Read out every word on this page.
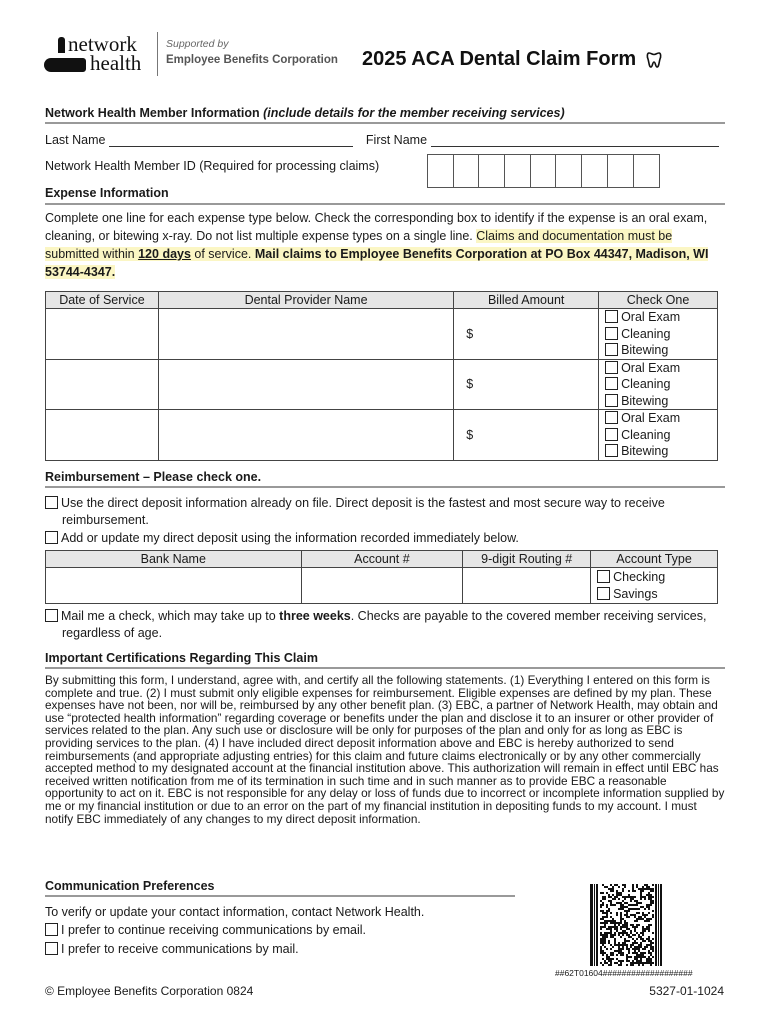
network
health
Supported by
Employee Benefits Corporation 2025 ACA Dental Claim Form
Network Health Member Information (include details for the member receiving services)
Last Name	First Name
Network Health Member ID (Required for processing claims)
Expense Information
Complete one line for each expense type below. Check the corresponding box to identify if the expense is an oral exam, cleaning, or bitewing x-ray. Do not list multiple expense types on a single line. Claims and documentation must be submitted within 120 days of service. Mail claims to Employee Benefits Corporation at PO Box 44347, Madison, WI 53744-4347.
Date of Service	Dental Provider Name	Billed Amount	Check One
		$	Oral Exam
Cleaning
Bitewing

		$	Oral Exam
Cleaning
Bitewing

		$	Oral Exam
Cleaning
Bitewing
Reimbursement – Please check one.
Use the direct deposit information already on file. Direct deposit is the fastest and most secure way to receive reimbursement.
Add or update my direct deposit using the information recorded immediately below.
Bank Name	Account #	9-digit Routing #	Account Type

			Checking
Savings
Mail me a check, which may take up to three weeks. Checks are payable to the covered member receiving services, regardless of age.
Important Certifications Regarding This Claim
By submitting this form, I understand, agree with, and certify all the following statements. (1) Everything I entered on this form is complete and true. (2) I must submit only eligible expenses for reimbursement. Eligible expenses are defined by my plan. These expenses have not been, nor will be, reimbursed by any other benefit plan. (3) EBC, a partner of Network Health, may obtain and use “protected health information” regarding coverage or benefits under the plan and disclose it to an insurer or other provider of services related to the plan. Any such use or disclosure will be only for purposes of the plan and only for as long as EBC is providing services to the plan. (4) I have included direct deposit information above and EBC is hereby authorized to send reimbursements (and appropriate adjusting entries) for this claim and future claims electronically or by any other commercially accepted method to my designated account at the financial institution above. This authorization will remain in effect until EBC has received written notification from me of its termination in such time and in such manner as to provide EBC a reasonable opportunity to act on it. EBC is not responsible for any delay or loss of funds due to incorrect or incomplete information supplied by me or my financial institution or due to an error on the part of my financial institution in depositing funds to my account. I must notify EBC immediately of any changes to my direct deposit information.
Communication Preferences
To verify or update your contact information, contact Network Health.
I prefer to continue receiving communications by email.
I prefer to receive communications by mail.
##62T01604###################
© Employee Benefits Corporation 0824	5327-01-1024
